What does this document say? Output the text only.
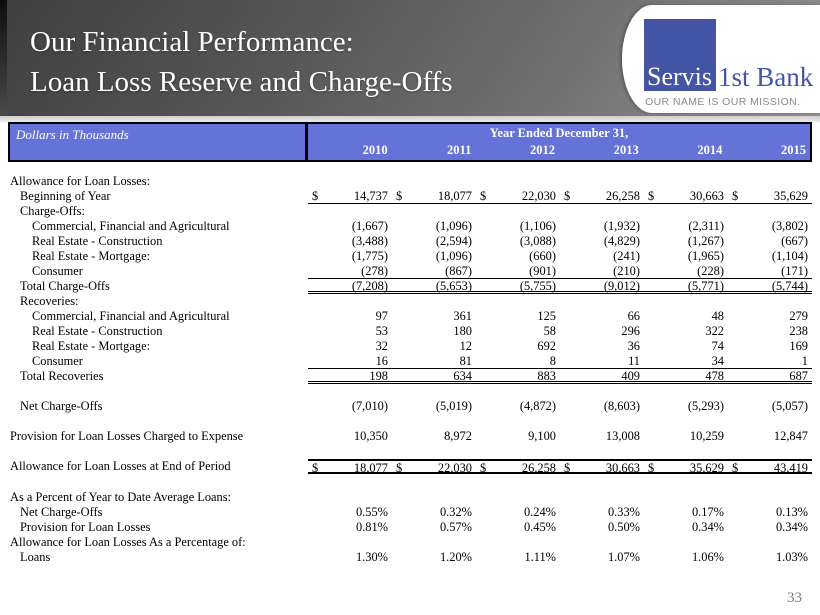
Our Financial Performance:
Loan Loss Reserve and Charge-Offs	Servis 1st Bank
OUR NAME IS OUR MISSION.
Dollars in Thousands	Year Ended December 31,
2010	2011	2012	2013	2014	2015
Allowance for Loan Losses:
Beginning of Year	$	14,737 $	18,077 $	22,030 $	26,258 $	30,663 $	35,629
Charge-Offs:
Commercial, Financial and Agricultural	(1,667)	(1,096)	(1,106)	(1,932)	(2,311)	(3,802)
Real Estate - Construction	(3,488)	(2,594)	(3,088)	(4,829)	(1,267)	(667)
Real Estate - Mortgage:	(1,775)	(1,096)	(660)	(241)	(1,965)	(1,104)
Consumer	(278)	(867)	(901)	(210)	(228)	(171)
Total Charge-Offs	(7,208)	(5,653)	(5,755)	(9,012)	(5,771)	(5,744)
Recoveries:
Commercial, Financial and Agricultural	97	361	125	66	48	279
Real Estate - Construction	53	180	58	296	322	238
Real Estate - Mortgage:	32	12	692	36	74	169
Consumer	16	81	8	11	34	1
Total Recoveries	198	634	883	409	478	687
Net Charge-Offs	(7,010)	(5,019)	(4,872)	(8,603)	(5,293)	(5,057)
Provision for Loan Losses Charged to Expense	10,350	8,972	9,100	13,008	10,259	12,847
Allowance for Loan Losses at End of Period	$	18,077 $	22,030 $	26,258 $	30,663 $	35,629 $	43,419
As a Percent of Year to Date Average Loans:
Net Charge-Offs	0.55%	0.32%	0.24%	0.33%	0.17%	0.13%
Provision for Loan Losses	0.81%	0.57%	0.45%	0.50%	0.34%	0.34%
Allowance for Loan Losses As a Percentage of:
Loans	1.30%	1.20%	1.11%	1.07%	1.06%	1.03%
33
